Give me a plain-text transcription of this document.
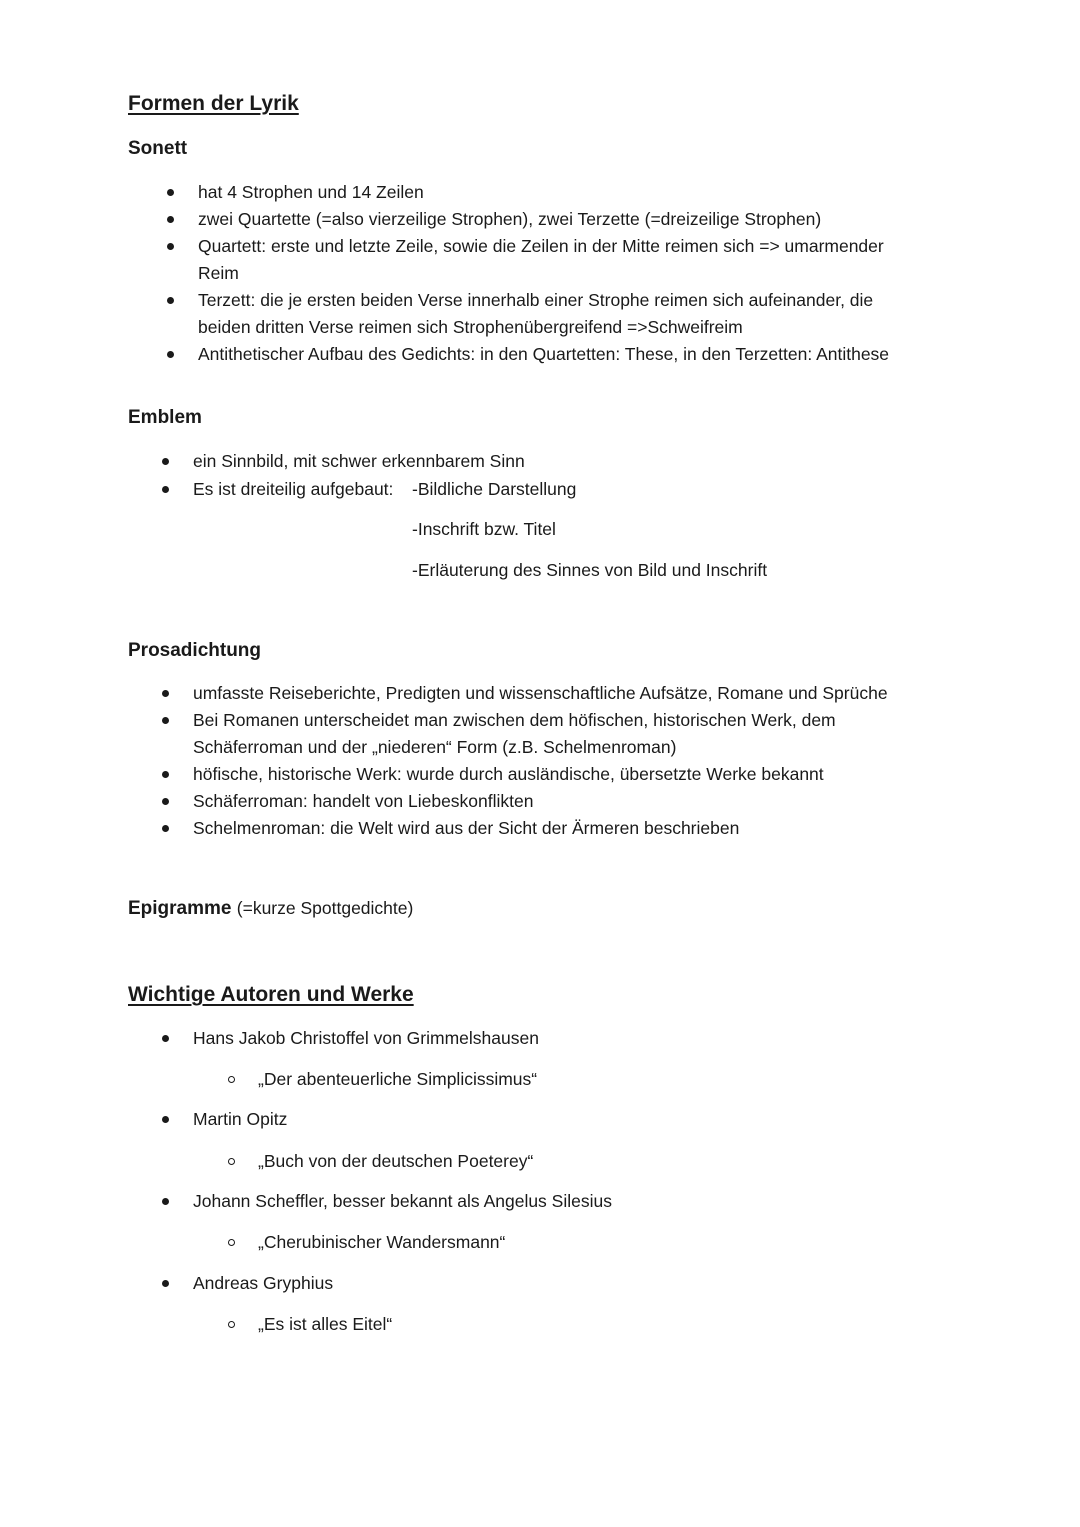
Formen der Lyrik
Sonett
hat 4 Strophen und 14 Zeilen
zwei Quartette (=also vierzeilige Strophen), zwei Terzette (=dreizeilige Strophen)
Quartett: erste und letzte Zeile, sowie die Zeilen in der Mitte reimen sich => umarmender
Reim
Terzett: die je ersten beiden Verse innerhalb einer Strophe reimen sich aufeinander, die
beiden dritten Verse reimen sich Strophenübergreifend =>Schweifreim
Antithetischer Aufbau des Gedichts: in den Quartetten: These, in den Terzetten: Antithese
Emblem
ein Sinnbild, mit schwer erkennbarem Sinn
Es ist dreiteilig aufgebaut: -Bildliche Darstellung
-Inschrift bzw. Titel
-Erläuterung des Sinnes von Bild und Inschrift
Prosadichtung
umfasste Reiseberichte, Predigten und wissenschaftliche Aufsätze, Romane und Sprüche
Bei Romanen unterscheidet man zwischen dem höfischen, historischen Werk, dem
Schäferroman und der „niederen“ Form (z.B. Schelmenroman)
höfische, historische Werk: wurde durch ausländische, übersetzte Werke bekannt
Schäferroman: handelt von Liebeskonflikten
Schelmenroman: die Welt wird aus der Sicht der Ärmeren beschrieben
Epigramme (=kurze Spottgedichte)
Wichtige Autoren und Werke
Hans Jakob Christoffel von Grimmelshausen
„Der abenteuerliche Simplicissimus“
Martin Opitz
„Buch von der deutschen Poeterey“
Johann Scheffler, besser bekannt als Angelus Silesius
„Cherubinischer Wandersmann“
Andreas Gryphius
„Es ist alles Eitel“
